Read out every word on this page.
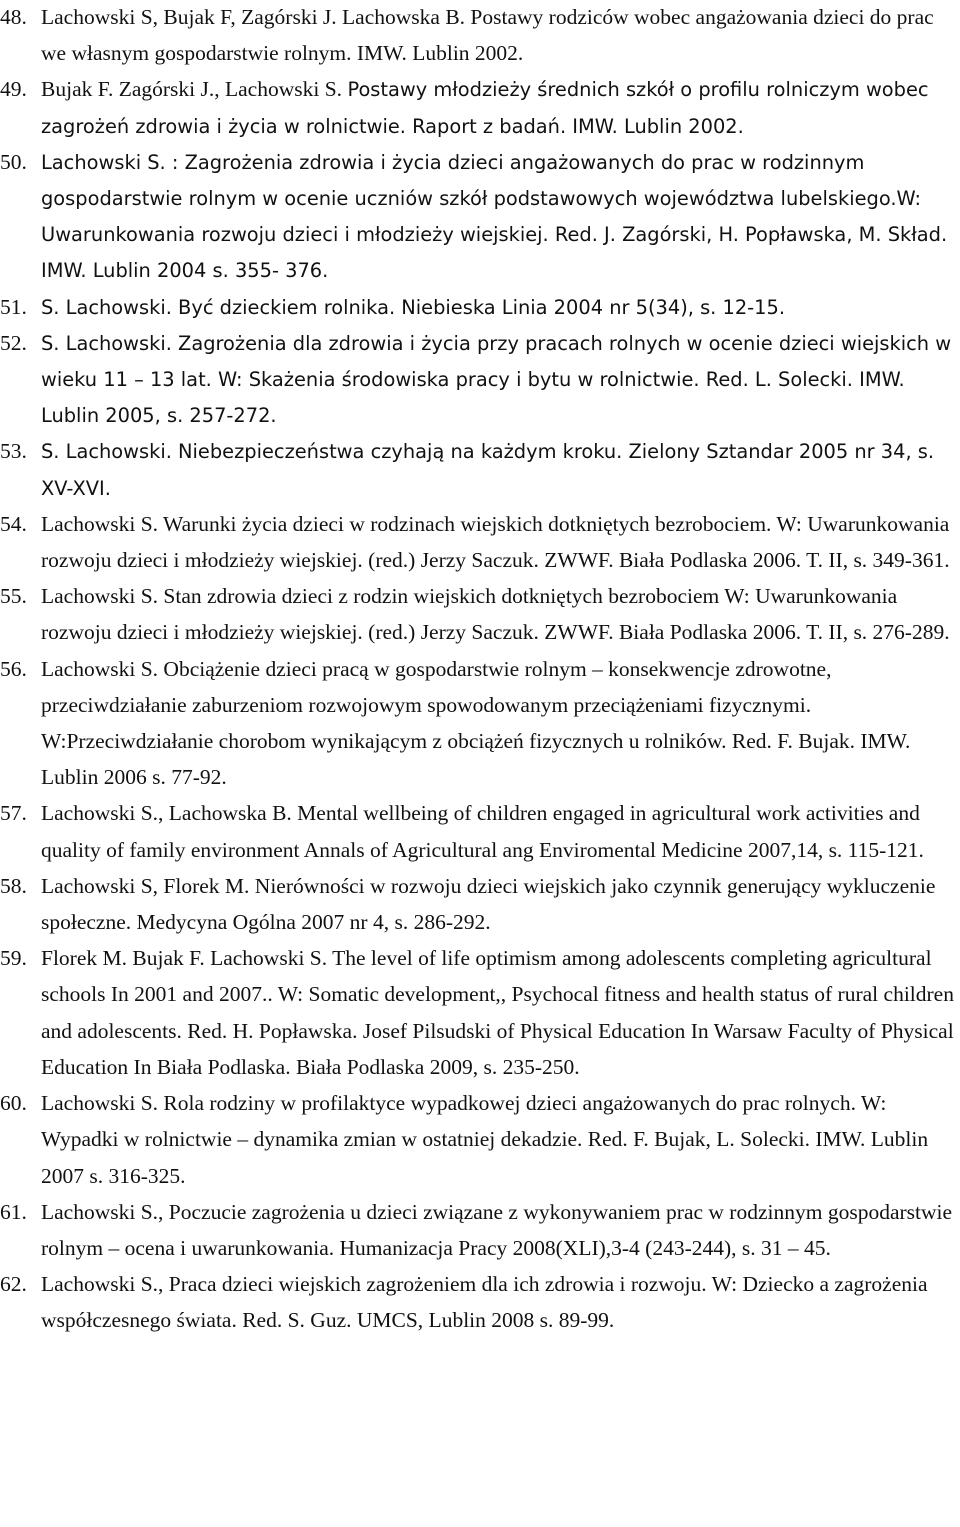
48. Lachowski S, Bujak F, Zagórski J. Lachowska B. Postawy rodziców wobec angażowania dzieci do prac we własnym gospodarstwie rolnym. IMW. Lublin 2002.
49. Bujak F. Zagórski J., Lachowski S. Postawy młodzieży średnich szkół o profilu rolniczym wobec zagrożeń zdrowia i życia w rolnictwie. Raport z badań. IMW. Lublin 2002.
50. Lachowski S. : Zagrożenia zdrowia i życia dzieci angażowanych do prac w rodzinnym gospodarstwie rolnym w ocenie uczniów szkół podstawowych województwa lubelskiego.W: Uwarunkowania rozwoju dzieci i młodzieży wiejskiej. Red. J. Zagórski, H. Popławska, M. Skład. IMW. Lublin 2004 s. 355- 376.
51. S. Lachowski. Być dzieckiem rolnika. Niebieska Linia 2004 nr 5(34), s. 12-15.
52. S. Lachowski. Zagrożenia dla zdrowia i życia przy pracach rolnych w ocenie dzieci wiejskich w wieku 11 – 13 lat. W: Skażenia środowiska pracy i bytu w rolnictwie. Red. L. Solecki. IMW. Lublin 2005, s. 257-272.
53. S. Lachowski. Niebezpieczeństwa czyhają na każdym kroku. Zielony Sztandar 2005 nr 34, s. XV-XVI.
54. Lachowski S. Warunki życia dzieci w rodzinach wiejskich dotkniętych bezrobociem. W: Uwarunkowania rozwoju dzieci i młodzieży wiejskiej. (red.) Jerzy Saczuk. ZWWF. Biała Podlaska 2006. T. II, s. 349-361.
55. Lachowski S. Stan zdrowia dzieci z rodzin wiejskich dotkniętych bezrobociem W: Uwarunkowania rozwoju dzieci i młodzieży wiejskiej. (red.) Jerzy Saczuk. ZWWF. Biała Podlaska 2006. T. II, s. 276-289.
56. Lachowski S. Obciążenie dzieci pracą w gospodarstwie rolnym – konsekwencje zdrowotne, przeciwdziałanie zaburzeniom rozwojowym spowodowanym przeciążeniami fizycznymi. W:Przeciwdziałanie chorobom wynikającym z obciążeń fizycznych u rolników. Red. F. Bujak. IMW. Lublin 2006 s. 77-92.
57. Lachowski S., Lachowska B. Mental wellbeing of children engaged in agricultural work activities and quality of family environment Annals of Agricultural ang Enviromental Medicine 2007,14, s. 115-121.
58. Lachowski S, Florek M. Nierówności w rozwoju dzieci wiejskich jako czynnik generujący wykluczenie społeczne. Medycyna Ogólna 2007 nr 4, s. 286-292.
59. Florek M. Bujak F. Lachowski S. The level of life optimism among adolescents completing agricultural schools In 2001 and 2007.. W: Somatic development,, Psychocal fitness and health status of rural children and adolescents. Red. H. Popławska. Josef Pilsudski of Physical Education In Warsaw Faculty of Physical Education In Biała Podlaska. Biała Podlaska 2009, s. 235-250.
60. Lachowski S. Rola rodziny w profilaktyce wypadkowej dzieci angażowanych do prac rolnych. W: Wypadki w rolnictwie – dynamika zmian w ostatniej dekadzie. Red. F. Bujak, L. Solecki. IMW. Lublin 2007 s. 316-325.
61. Lachowski S., Poczucie zagrożenia u dzieci związane z wykonywaniem prac w rodzinnym gospodarstwie rolnym – ocena i uwarunkowania. Humanizacja Pracy 2008(XLI),3-4 (243-244), s. 31 – 45.
62. Lachowski S., Praca dzieci wiejskich zagrożeniem dla ich zdrowia i rozwoju. W: Dziecko a zagrożenia współczesnego świata. Red. S. Guz. UMCS, Lublin 2008 s. 89-99.
